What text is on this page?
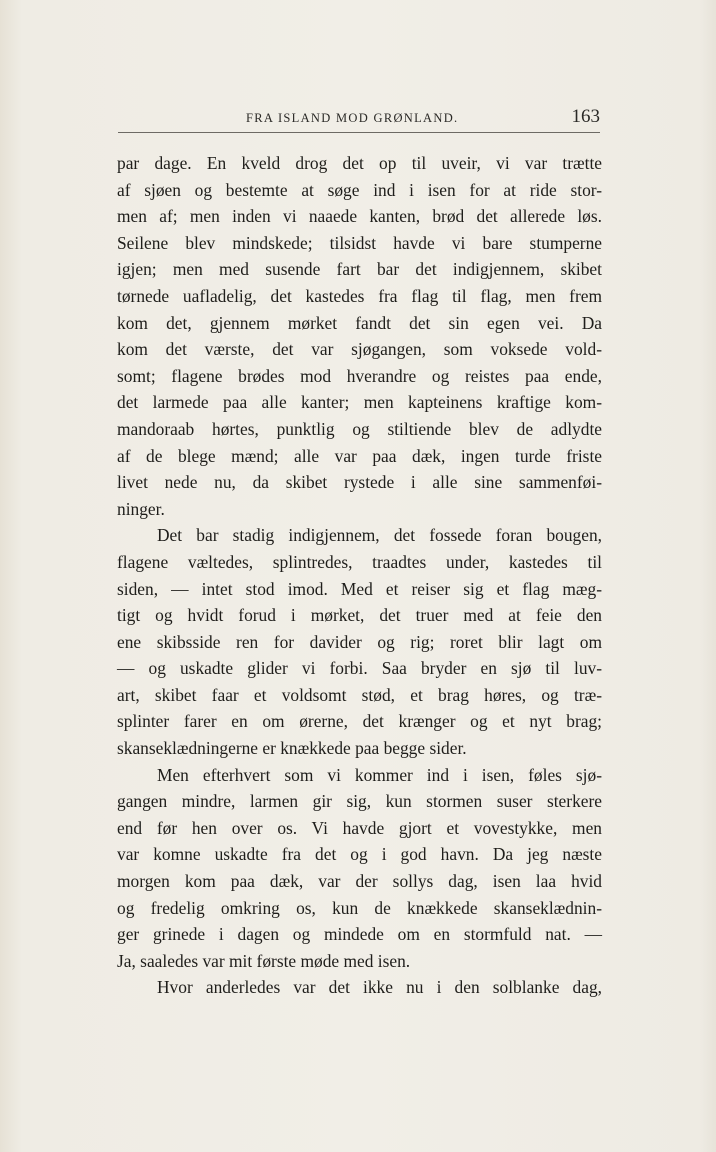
FRA ISLAND MOD GRØNLAND.	163
par dage. En kveld drog det op til uveir, vi var trætte
af sjøen og bestemte at søge ind i isen for at ride stor-
men af; men inden vi naaede kanten, brød det allerede løs.
Seilene blev mindskede; tilsidst havde vi bare stumperne
igjen; men med susende fart bar det indigjennem, skibet
tørnede uafladelig, det kastedes fra flag til flag, men frem
kom det, gjennem mørket fandt det sin egen vei. Da
kom det værste, det var sjøgangen, som voksede vold-
somt; flagene brødes mod hverandre og reistes paa ende,
det larmede paa alle kanter; men kapteinens kraftige kom-
mandoraab hørtes, punktlig og stiltiende blev de adlydte
af de blege mænd; alle var paa dæk, ingen turde friste
livet nede nu, da skibet rystede i alle sine sammenføi-
ninger.
Det bar stadig indigjennem, det fossede foran bougen,
flagene væltedes, splintredes, traadtes under, kastedes til
siden, — intet stod imod. Med et reiser sig et flag mæg-
tigt og hvidt forud i mørket, det truer med at feie den
ene skibsside ren for davider og rig; roret blir lagt om
— og uskadte glider vi forbi. Saa bryder en sjø til luv-
art, skibet faar et voldsomt stød, et brag høres, og træ-
splinter farer en om ørerne, det krænger og et nyt brag;
skanseklædningerne er knækkede paa begge sider.
Men efterhvert som vi kommer ind i isen, føles sjø-
gangen mindre, larmen gir sig, kun stormen suser sterkere
end før hen over os. Vi havde gjort et vovestykke, men
var komne uskadte fra det og i god havn. Da jeg næste
morgen kom paa dæk, var der sollys dag, isen laa hvid
og fredelig omkring os, kun de knækkede skanseklædnin-
ger grinede i dagen og mindede om en stormfuld nat. —
Ja, saaledes var mit første møde med isen.
Hvor anderledes var det ikke nu i den solblanke dag,
